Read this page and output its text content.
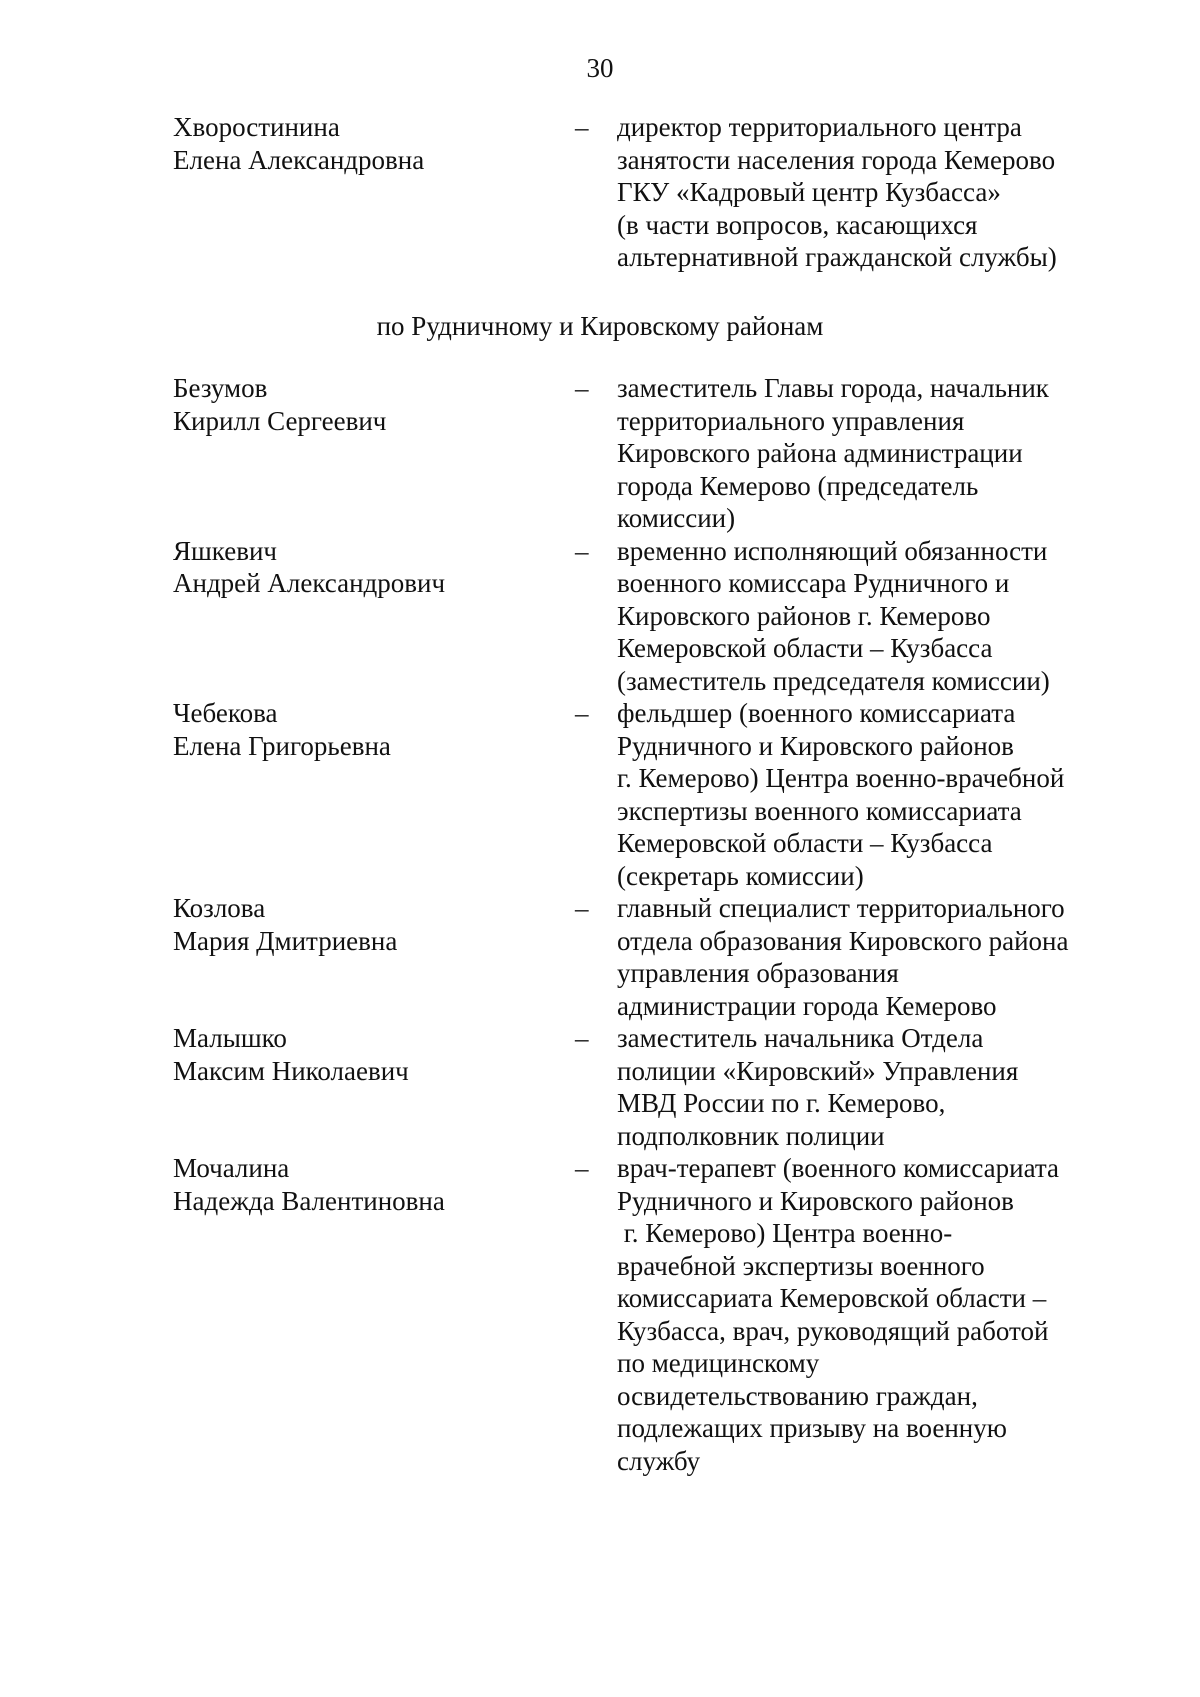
30
Хворостинина
Елена Александровна
– директор территориального центра
занятости населения города Кемерово
ГКУ «Кадровый центр Кузбасса»
(в части вопросов, касающихся
альтернативной гражданской службы)
по Рудничному и Кировскому районам
Безумов
Кирилл Сергеевич
– заместитель Главы города, начальник
территориального управления
Кировского района администрации
города Кемерово (председатель
комиссии)
Яшкевич
Андрей Александрович
– временно исполняющий обязанности
военного комиссара Рудничного и
Кировского районов г. Кемерово
Кемеровской области – Кузбасса
(заместитель председателя комиссии)
Чебекова
Елена Григорьевна
– фельдшер (военного комиссариата
Рудничного и Кировского районов
г. Кемерово) Центра военно-врачебной
экспертизы военного комиссариата
Кемеровской области – Кузбасса
(секретарь комиссии)
Козлова
Мария Дмитриевна
– главный специалист территориального
отдела образования Кировского района
управления образования
администрации города Кемерово
Малышко
Максим Николаевич
– заместитель начальника Отдела
полиции «Кировский» Управления
МВД России по г. Кемерово,
подполковник полиции
Мочалина
Надежда Валентиновна
– врач-терапевт (военного комиссариата
Рудничного и Кировского районов
г. Кемерово) Центра военно-
врачебной экспертизы военного
комиссариата Кемеровской области –
Кузбасса, врач, руководящий работой
по медицинскому
освидетельствованию граждан,
подлежащих призыву на военную
службу
